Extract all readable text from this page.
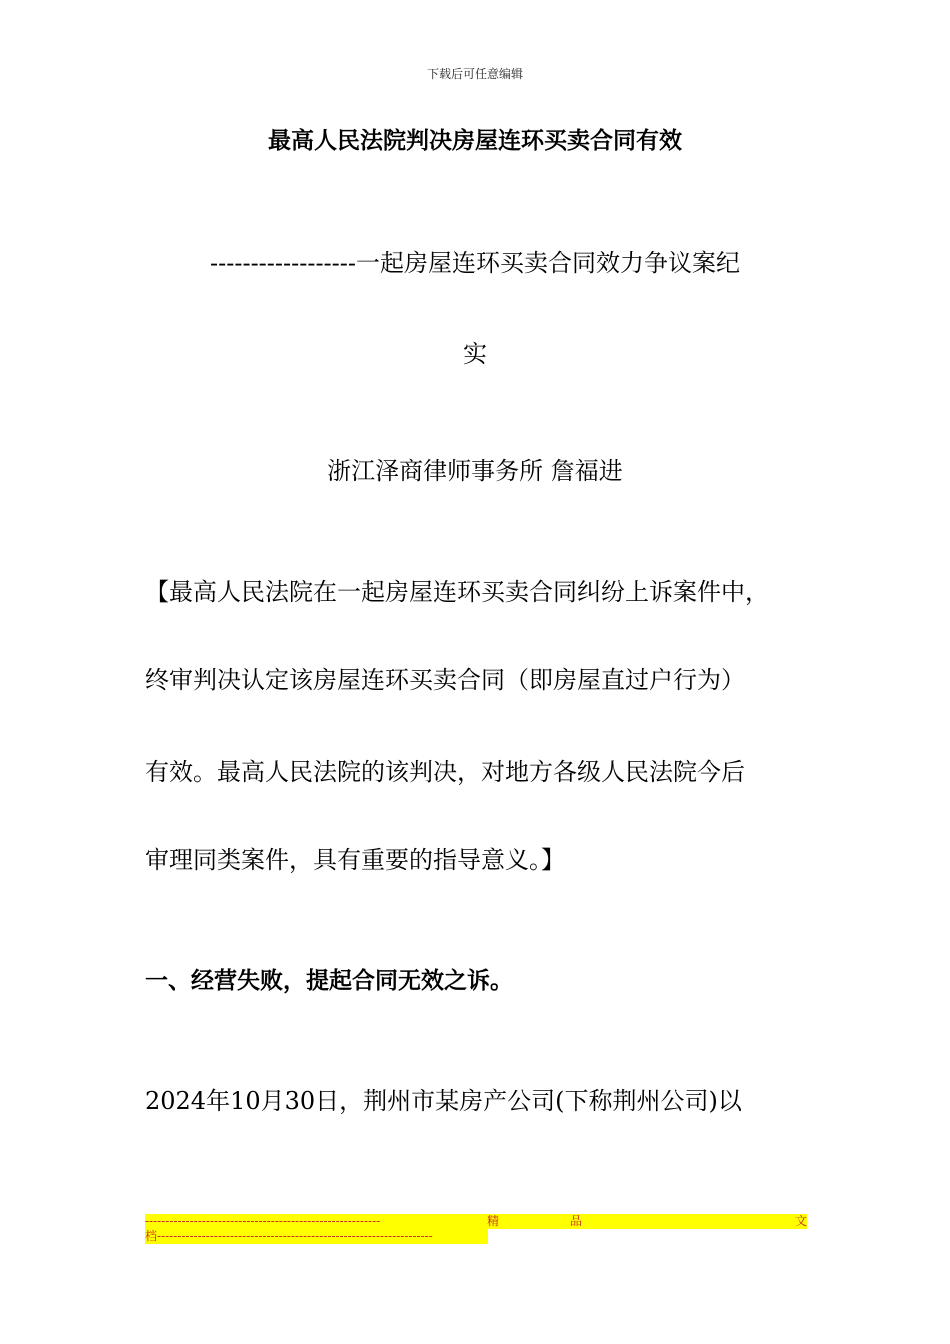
下载后可任意编辑

最高人民法院判决房屋连环买卖合同有效

------------------一起房屋连环买卖合同效力争议案纪

实

浙江泽商律师事务所 詹福进

【最高人民法院在一起房屋连环买卖合同纠纷上诉案件中，

终审判决认定该房屋连环买卖合同（即房屋直过户行为）

有效。最高人民法院的该判决，对地方各级人民法院今后

审理同类案件，具有重要的指导意义。】

一、经营失败，提起合同无效之诉。

2024年10月30日，荆州市某房产公司(下称荆州公司)以

----------------------------------------------------------	精	品	文
档--------------------------------------------------------------------
